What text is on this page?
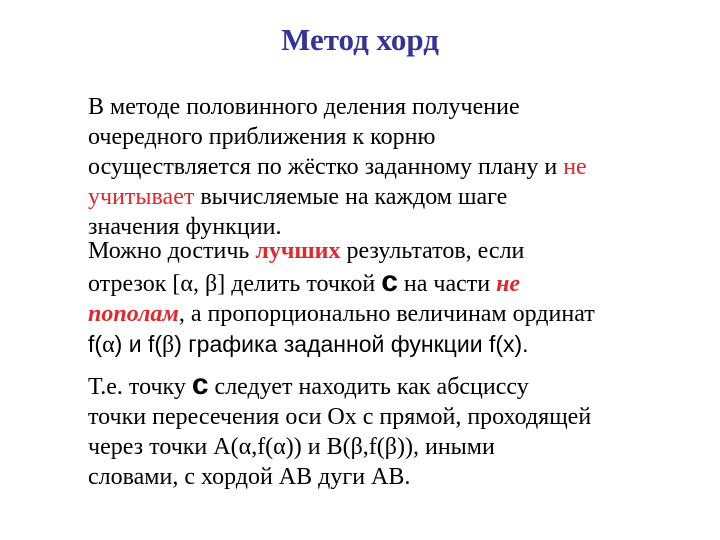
Метод хорд
В методе половинного деления получение
очередного приближения к корню
осуществляется по жёстко заданному плану и не
учитывает вычисляемые на каждом шаге
значения функции.
Можно достичь лучших результатов, если
отрезок [α, β] делить точкой с на части не
пополам, а пропорционально величинам ординат
f(α) и f(β) графика заданной функции f(x).
Т.е. точку с следует находить как абсциссу
точки пересечения оси Ох с прямой, проходящей
через точки А(α,f(α)) и В(β,f(β)), иными
словами, с хордой АВ дуги АВ.
